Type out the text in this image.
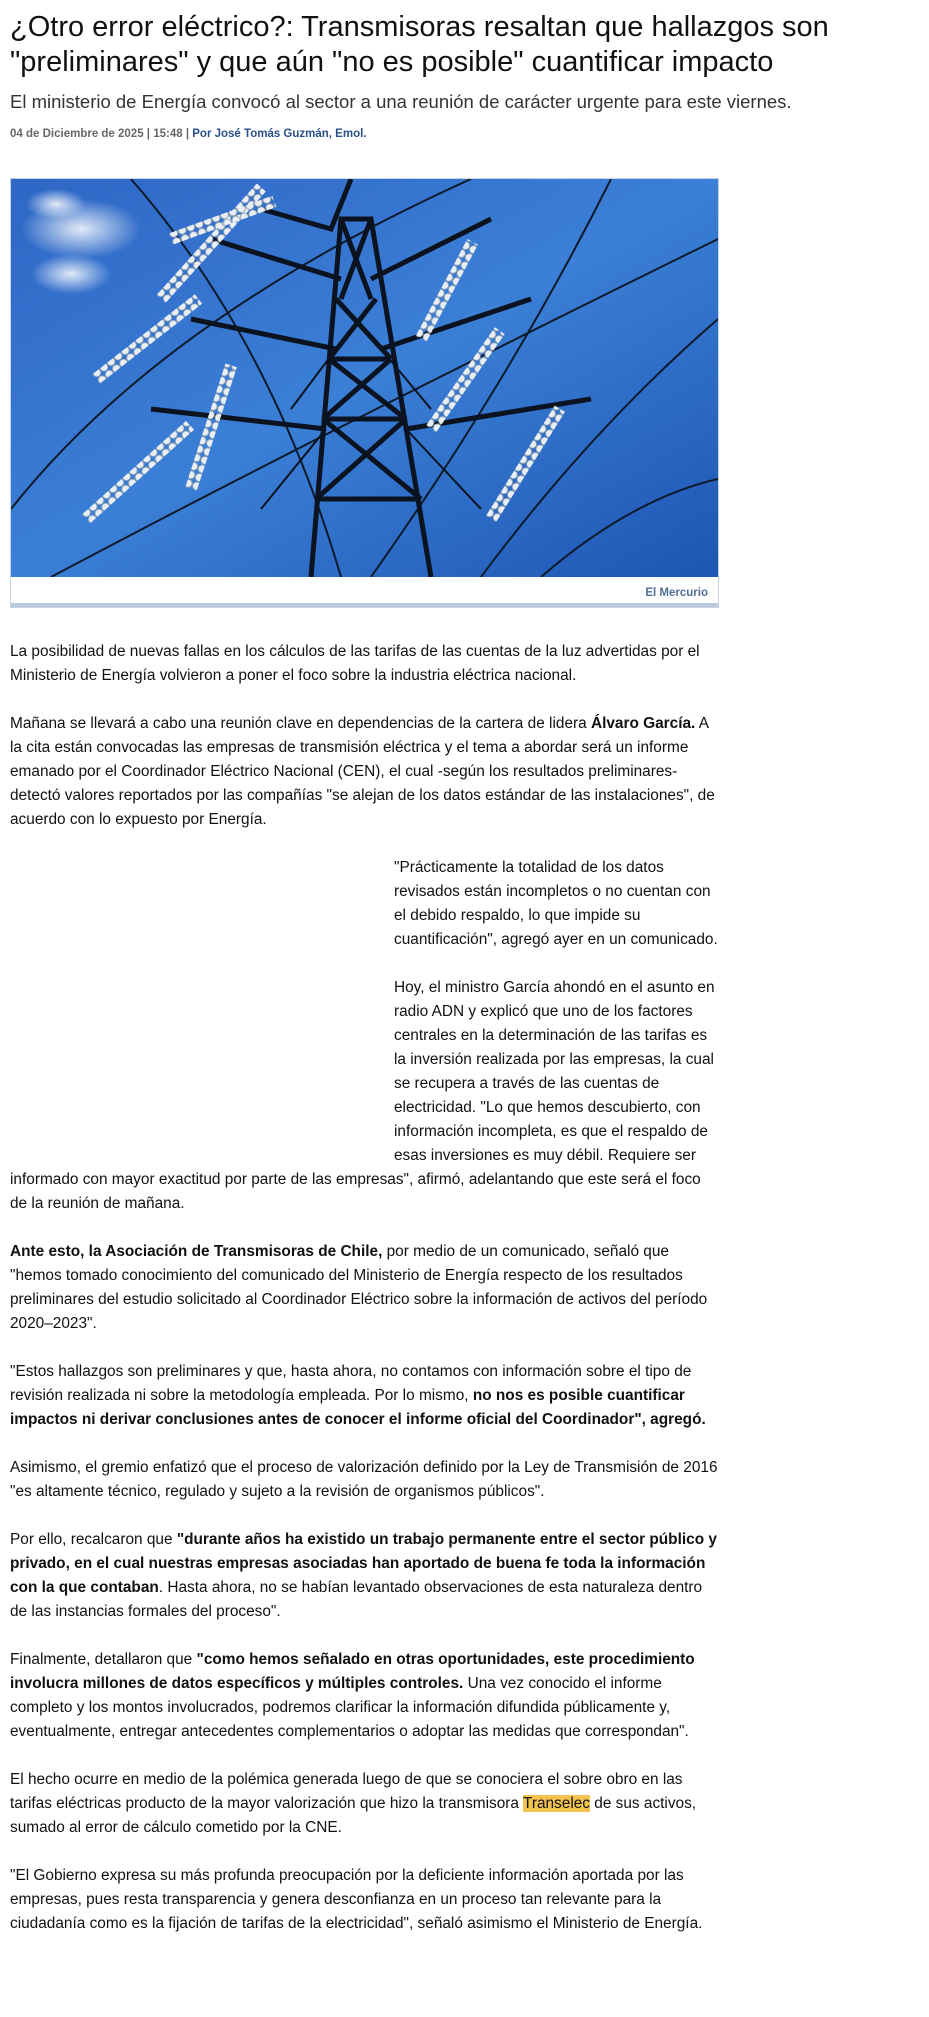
¿Otro error eléctrico?: Transmisoras resaltan que hallazgos son "preliminares" y que aún "no es posible" cuantificar impacto

El ministerio de Energía convocó al sector a una reunión de carácter urgente para este viernes.

04 de Diciembre de 2025 | 15:48 | Por José Tomás Guzmán, Emol.

El Mercurio

La posibilidad de nuevas fallas en los cálculos de las tarifas de las cuentas de la luz advertidas por el Ministerio de Energía volvieron a poner el foco sobre la industria eléctrica nacional.

Mañana se llevará a cabo una reunión clave en dependencias de la cartera de lidera Álvaro García. A la cita están convocadas las empresas de transmisión eléctrica y el tema a abordar será un informe emanado por el Coordinador Eléctrico Nacional (CEN), el cual -según los resultados preliminares- detectó valores reportados por las compañías "se alejan de los datos estándar de las instalaciones", de acuerdo con lo expuesto por Energía.

"Prácticamente la totalidad de los datos revisados están incompletos o no cuentan con el debido respaldo, lo que impide su cuantificación", agregó ayer en un comunicado.

Hoy, el ministro García ahondó en el asunto en radio ADN y explicó que uno de los factores centrales en la determinación de las tarifas es la inversión realizada por las empresas, la cual se recupera a través de las cuentas de electricidad. "Lo que hemos descubierto, con información incompleta, es que el respaldo de esas inversiones es muy débil. Requiere ser informado con mayor exactitud por parte de las empresas", afirmó, adelantando que este será el foco de la reunión de mañana.

Ante esto, la Asociación de Transmisoras de Chile, por medio de un comunicado, señaló que "hemos tomado conocimiento del comunicado del Ministerio de Energía respecto de los resultados preliminares del estudio solicitado al Coordinador Eléctrico sobre la información de activos del período 2020–2023".

"Estos hallazgos son preliminares y que, hasta ahora, no contamos con información sobre el tipo de revisión realizada ni sobre la metodología empleada. Por lo mismo, no nos es posible cuantificar impactos ni derivar conclusiones antes de conocer el informe oficial del Coordinador", agregó.

Asimismo, el gremio enfatizó que el proceso de valorización definido por la Ley de Transmisión de 2016 "es altamente técnico, regulado y sujeto a la revisión de organismos públicos".

Por ello, recalcaron que "durante años ha existido un trabajo permanente entre el sector público y privado, en el cual nuestras empresas asociadas han aportado de buena fe toda la información con la que contaban. Hasta ahora, no se habían levantado observaciones de esta naturaleza dentro de las instancias formales del proceso".

Finalmente, detallaron que "como hemos señalado en otras oportunidades, este procedimiento involucra millones de datos específicos y múltiples controles. Una vez conocido el informe completo y los montos involucrados, podremos clarificar la información difundida públicamente y, eventualmente, entregar antecedentes complementarios o adoptar las medidas que correspondan".

El hecho ocurre en medio de la polémica generada luego de que se conociera el sobre obro en las tarifas eléctricas producto de la mayor valorización que hizo la transmisora Transelec de sus activos, sumado al error de cálculo cometido por la CNE.

"El Gobierno expresa su más profunda preocupación por la deficiente información aportada por las empresas, pues resta transparencia y genera desconfianza en un proceso tan relevante para la ciudadanía como es la fijación de tarifas de la electricidad", señaló asimismo el Ministerio de Energía.
